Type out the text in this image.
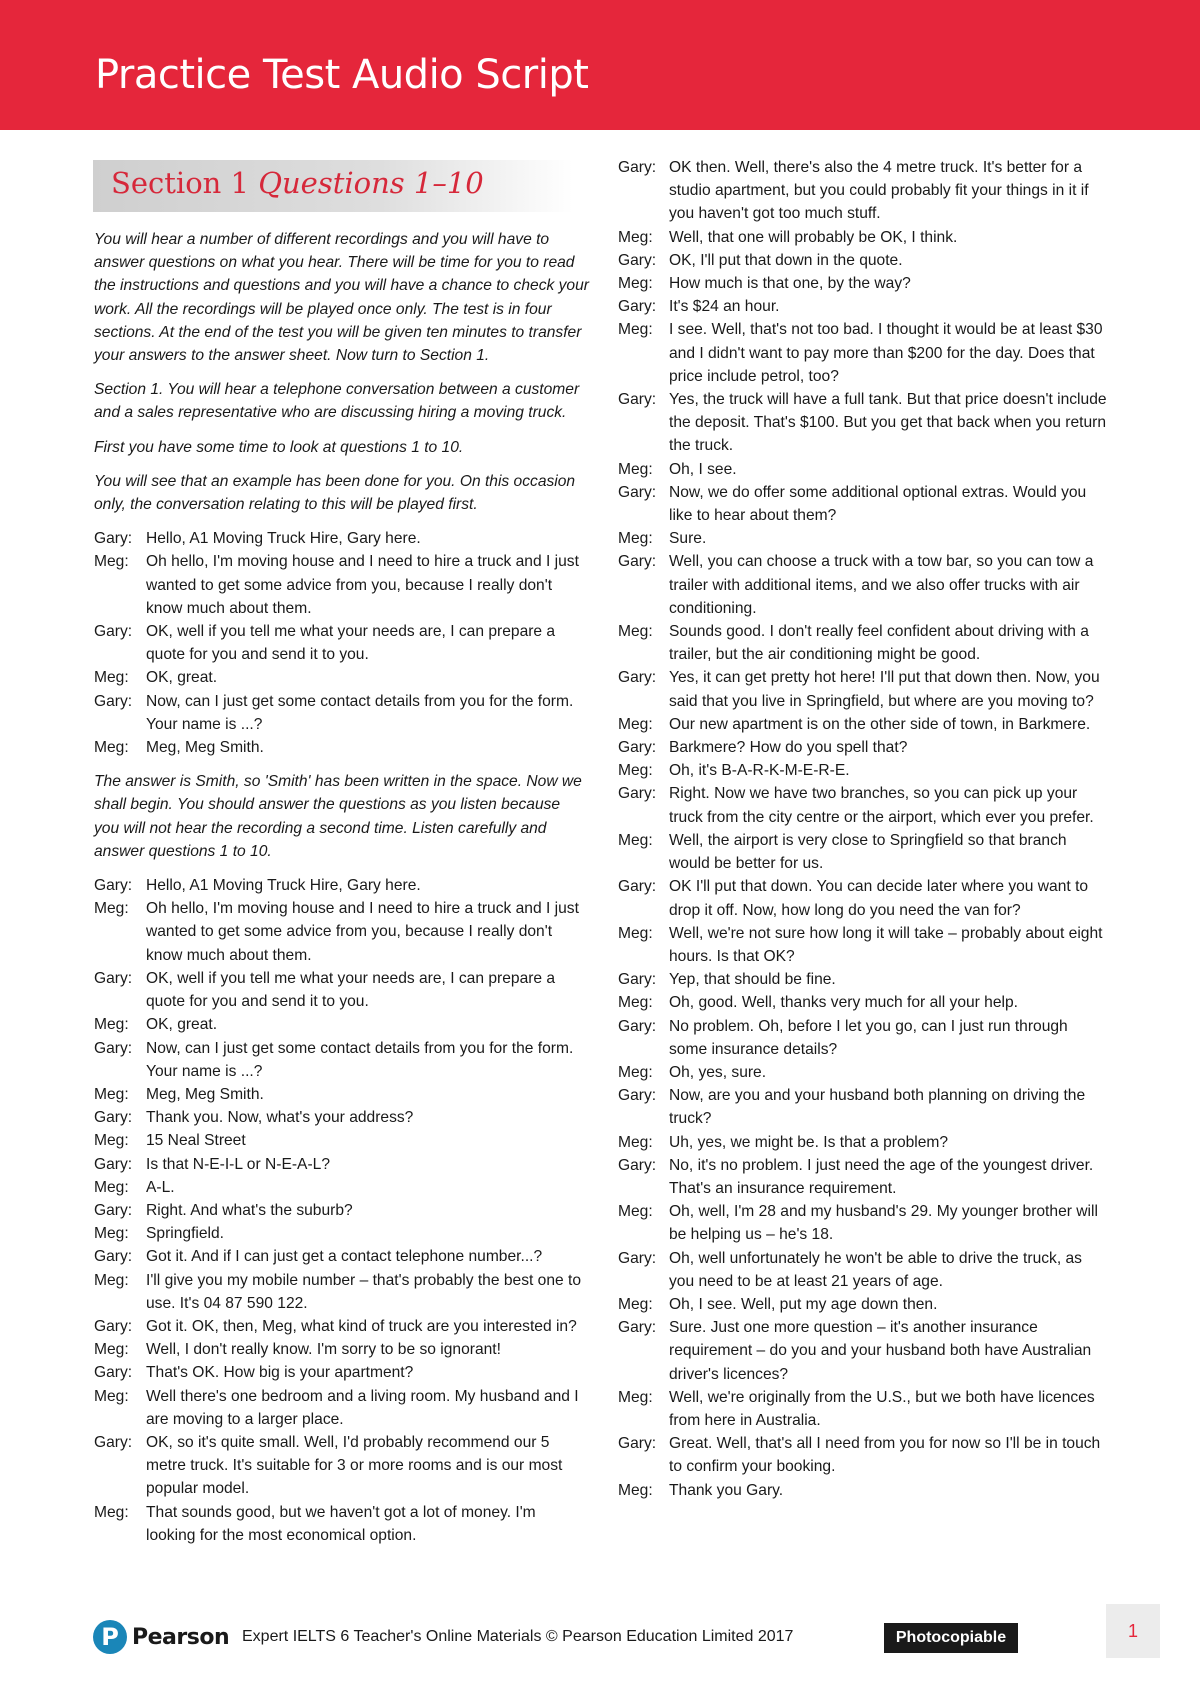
Practice Test Audio Script
Section 1 Questions 1–10

You will hear a number of different recordings and you will have to answer questions on what you hear. There will be time for you to read the instructions and questions and you will have a chance to check your work. All the recordings will be played once only. The test is in four sections. At the end of the test you will be given ten minutes to transfer your answers to the answer sheet. Now turn to Section 1.

Section 1. You will hear a telephone conversation between a customer and a sales representative who are discussing hiring a moving truck.

First you have some time to look at questions 1 to 10.

You will see that an example has been done for you. On this occasion only, the conversation relating to this will be played first.

Gary: Hello, A1 Moving Truck Hire, Gary here.
Meg:	Oh hello, I'm moving house and I need to hire a truck and I just wanted to get some advice from you, because I really don't know much about them.
Gary: OK, well if you tell me what your needs are, I can prepare a quote for you and send it to you.
Meg:	OK, great.
Gary: Now, can I just get some contact details from you for the form. Your name is ...?
Meg:	Meg, Meg Smith.

The answer is Smith, so 'Smith' has been written in the space. Now we shall begin. You should answer the questions as you listen because you will not hear the recording a second time. Listen carefully and answer questions 1 to 10.

Gary: Hello, A1 Moving Truck Hire, Gary here.
Meg:	Oh hello, I'm moving house and I need to hire a truck and I just wanted to get some advice from you, because I really don't know much about them.
Gary: OK, well if you tell me what your needs are, I can prepare a quote for you and send it to you.
Meg:	OK, great.
Gary: Now, can I just get some contact details from you for the form. Your name is ...?
Meg:	Meg, Meg Smith.
Gary: Thank you. Now, what's your address?
Meg:	15 Neal Street
Gary: Is that N-E-I-L or N-E-A-L?
Meg:	A-L.
Gary: Right. And what's the suburb?
Meg:	Springfield.
Gary: Got it. And if I can just get a contact telephone number...?
Meg:	I'll give you my mobile number – that's probably the best one to use. It's 04 87 590 122.
Gary: Got it. OK, then, Meg, what kind of truck are you interested in?
Meg:	Well, I don't really know. I'm sorry to be so ignorant!
Gary: That's OK. How big is your apartment?
Meg:	Well there's one bedroom and a living room. My husband and I are moving to a larger place.
Gary: OK, so it's quite small. Well, I'd probably recommend our 5 metre truck. It's suitable for 3 or more rooms and is our most popular model.
Meg:	That sounds good, but we haven't got a lot of money. I'm looking for the most economical option.
Gary: OK then. Well, there's also the 4 metre truck. It's better for a studio apartment, but you could probably fit your things in it if you haven't got too much stuff.
Meg:	Well, that one will probably be OK, I think.
Gary: OK, I'll put that down in the quote.
Meg:	How much is that one, by the way?
Gary: It's $24 an hour.
Meg:	I see. Well, that's not too bad. I thought it would be at least $30 and I didn't want to pay more than $200 for the day. Does that price include petrol, too?
Gary: Yes, the truck will have a full tank. But that price doesn't include the deposit. That's $100. But you get that back when you return the truck.
Meg:	Oh, I see.
Gary: Now, we do offer some additional optional extras. Would you like to hear about them?
Meg:	Sure.
Gary: Well, you can choose a truck with a tow bar, so you can tow a trailer with additional items, and we also offer trucks with air conditioning.
Meg:	Sounds good. I don't really feel confident about driving with a trailer, but the air conditioning might be good.
Gary: Yes, it can get pretty hot here! I'll put that down then. Now, you said that you live in Springfield, but where are you moving to?
Meg:	Our new apartment is on the other side of town, in Barkmere.
Gary: Barkmere? How do you spell that?
Meg:	Oh, it's B-A-R-K-M-E-R-E.
Gary: Right. Now we have two branches, so you can pick up your truck from the city centre or the airport, which ever you prefer.
Meg:	Well, the airport is very close to Springfield so that branch would be better for us.
Gary: OK I'll put that down. You can decide later where you want to drop it off. Now, how long do you need the van for?
Meg:	Well, we're not sure how long it will take – probably about eight hours. Is that OK?
Gary: Yep, that should be fine.
Meg:	Oh, good. Well, thanks very much for all your help.
Gary: No problem. Oh, before I let you go, can I just run through some insurance details?
Meg:	Oh, yes, sure.
Gary: Now, are you and your husband both planning on driving the truck?
Meg:	Uh, yes, we might be. Is that a problem?
Gary: No, it's no problem. I just need the age of the youngest driver. That's an insurance requirement.
Meg:	Oh, well, I'm 28 and my husband's 29. My younger brother will be helping us – he's 18.
Gary: Oh, well unfortunately he won't be able to drive the truck, as you need to be at least 21 years of age.
Meg:	Oh, I see. Well, put my age down then.
Gary: Sure. Just one more question – it's another insurance requirement – do you and your husband both have Australian driver's licences?
Meg:	Well, we're originally from the U.S., but we both have licences from here in Australia.
Gary: Great. Well, that's all I need from you for now so I'll be in touch to confirm your booking.
Meg:	Thank you Gary.
P Pearson Expert IELTS 6 Teacher's Online Materials © Pearson Education Limited 2017	Photocopiable	1
